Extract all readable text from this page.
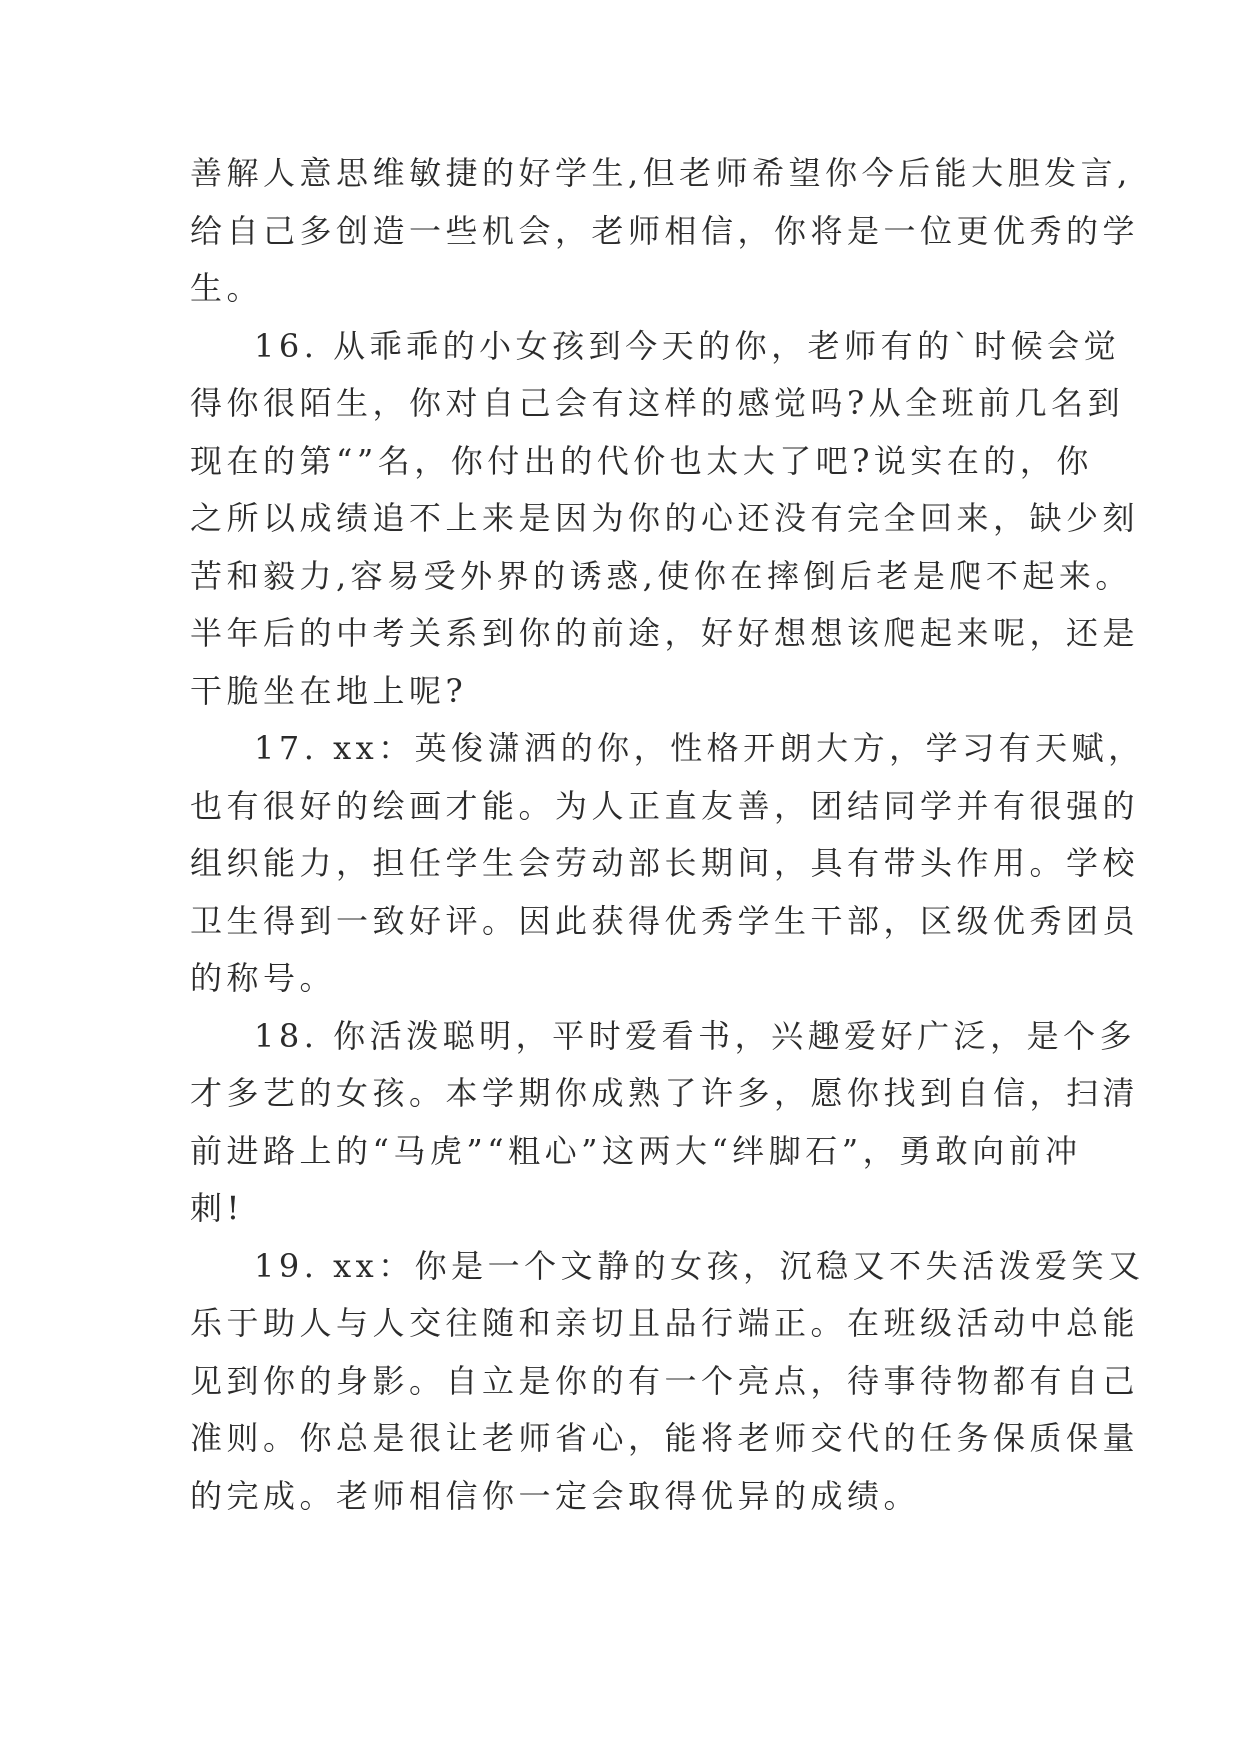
善解人意思维敏捷的好学生,但老师希望你今后能大胆发言,
给自己多创造一些机会，老师相信，你将是一位更优秀的学
生。
16. 从乖乖的小女孩到今天的你，老师有的`时候会觉
得你很陌生，你对自己会有这样的感觉吗?从全班前几名到
现在的第“”名，你付出的代价也太大了吧?说实在的，你
之所以成绩追不上来是因为你的心还没有完全回来，缺少刻
苦和毅力,容易受外界的诱惑,使你在摔倒后老是爬不起来。
半年后的中考关系到你的前途，好好想想该爬起来呢，还是
干脆坐在地上呢?
17. xx：英俊潇洒的你，性格开朗大方，学习有天赋，
也有很好的绘画才能。为人正直友善，团结同学并有很强的
组织能力，担任学生会劳动部长期间，具有带头作用。学校
卫生得到一致好评。因此获得优秀学生干部，区级优秀团员
的称号。
18. 你活泼聪明，平时爱看书，兴趣爱好广泛，是个多
才多艺的女孩。本学期你成熟了许多，愿你找到自信，扫清
前进路上的“马虎”“粗心”这两大“绊脚石”，勇敢向前冲
刺!
19. xx：你是一个文静的女孩，沉稳又不失活泼爱笑又
乐于助人与人交往随和亲切且品行端正。在班级活动中总能
见到你的身影。自立是你的有一个亮点，待事待物都有自己
准则。你总是很让老师省心，能将老师交代的任务保质保量
的完成。老师相信你一定会取得优异的成绩。
